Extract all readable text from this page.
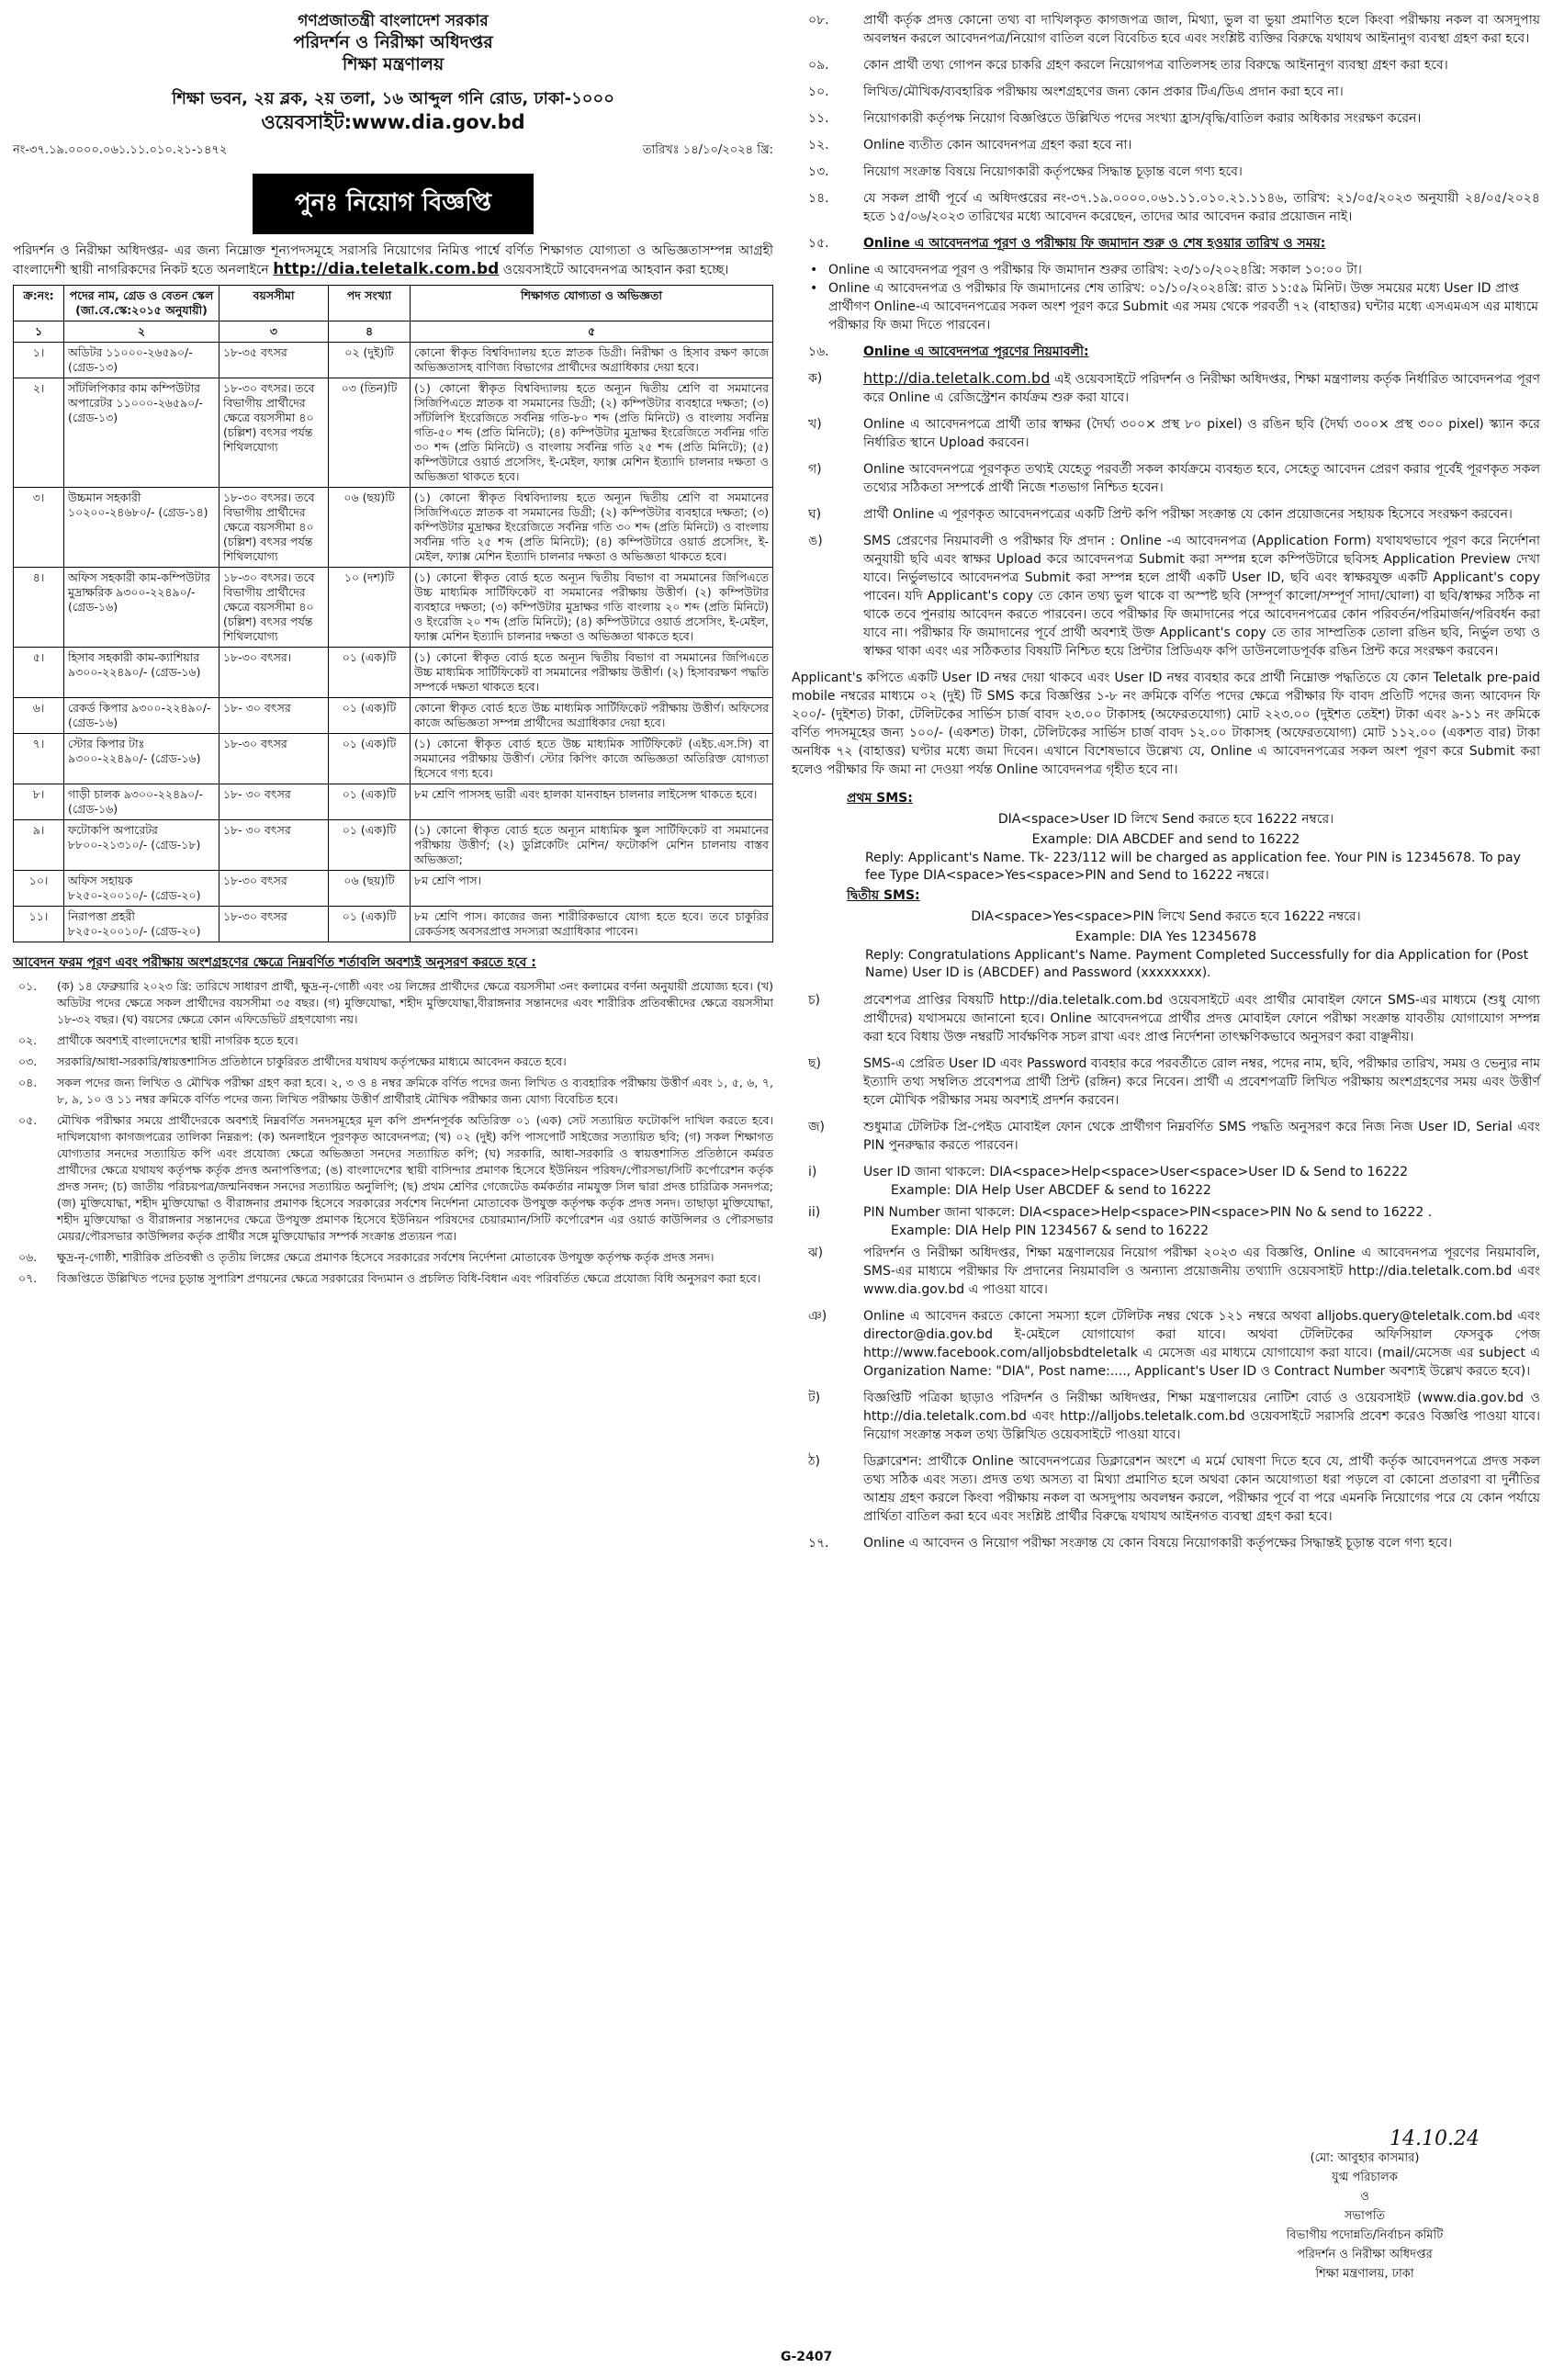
গণপ্রজাতন্ত্রী বাংলাদেশ সরকার
পরিদর্শন ও নিরীক্ষা অধিদপ্তর
শিক্ষা মন্ত্রণালয়
শিক্ষা ভবন, ২য় ব্লক, ২য় তলা, ১৬ আব্দুল গনি রোড, ঢাকা-১০০০
ওয়েবসাইট:www.dia.gov.bd
নং-৩৭.১৯.০০০০.০৬১.১১.০১০.২১-১৪৭২	তারিখঃ ১৪/১০/২০২৪ খ্রি:
পুনঃ নিয়োগ বিজ্ঞপ্তি
পরিদর্শন ও নিরীক্ষা অধিদপ্তর- এর জন্য নিম্নোক্ত শূন্যপদসমূহে সরাসরি নিয়োগের নিমিত্ত পার্শ্বে বর্ণিত শিক্ষাগত যোগ্যতা ও অভিজ্ঞতাসম্পন্ন আগ্রহী বাংলাদেশী স্থায়ী নাগরিকদের নিকট হতে অনলাইনে http://dia.teletalk.com.bd ওয়েবসাইটে আবেদনপত্র আহবান করা হচ্ছে।
ক্র:নং:	পদের নাম, গ্রেড ও বেতন স্কেল (জা.বে.স্কে:২০১৫ অনুযায়ী)	বয়সসীমা	পদ সংখ্যা	শিক্ষাগত যোগ্যতা ও অভিজ্ঞতা
১	২	৩	৪	৫
১।	অডিটর ১১০০০-২৬৫৯০/- (গ্রেড-১৩)	১৮-৩৫ বৎসর	০২ (দুই)টি	কোনো স্বীকৃত বিশ্ববিদ্যালয় হতে স্নাতক ডিগ্রী। নিরীক্ষা ও হিসাব রক্ষণ কাজে অভিজ্ঞতাসহ বাণিজ্য বিভাগের প্রার্থীদের অগ্রাধিকার দেয়া হবে।
২।	সাঁটলিপিকার কাম কম্পিউটার অপারেটর ১১০০০-২৬৫৯০/- (গ্রেড-১৩)	১৮-৩০ বৎসর। তবে বিভাগীয় প্রার্থীদের ক্ষেত্রে বয়সসীমা ৪০ (চল্লিশ) বৎসর পর্যন্ত শিথিলযোগ্য	০৩ (তিন)টি	(১) কোনো স্বীকৃত বিশ্ববিদ্যালয় হতে অন্যূন দ্বিতীয় শ্রেণি বা সমমানের সিজিপিএতে স্নাতক বা সমমানের ডিগ্রী; (২) কম্পিউটার ব্যবহারে দক্ষতা; (৩) সাঁটলিপি ইংরেজিতে সর্বনিম্ন গতি-৮০ শব্দ (প্রতি মিনিটে) ও বাংলায় সর্বনিম্ন গতি-৫০ শব্দ (প্রতি মিনিটে); (৪) কম্পিউটার মুদ্রাক্ষর ইংরেজিতে সর্বনিম্ন গতি ৩০ শব্দ (প্রতি মিনিটে) ও বাংলায় সর্বনিম্ন গতি ২৫ শব্দ (প্রতি মিনিটে); (৫) কম্পিউটারে ওয়ার্ড প্রসেসিং, ই-মেইল, ফ্যাক্স মেশিন ইত্যাদি চালনার দক্ষতা ও অভিজ্ঞতা থাকতে হবে।
৩।	উচ্চমান সহকারী ১০২০০-২৪৬৮০/- (গ্রেড-১৪)	১৮-৩০ বৎসর। তবে বিভাগীয় প্রার্থীদের ক্ষেত্রে বয়সসীমা ৪০ (চল্লিশ) বৎসর পর্যন্ত শিথিলযোগ্য	০৬ (ছয়)টি	(১) কোনো স্বীকৃত বিশ্ববিদ্যালয় হতে অন্যূন দ্বিতীয় শ্রেণি বা সমমানের সিজিপিএতে স্নাতক বা সমমানের ডিগ্রী; (২) কম্পিউটার ব্যবহারে দক্ষতা; (৩) কম্পিউটার মুদ্রাক্ষর ইংরেজিতে সর্বনিম্ন গতি ৩০ শব্দ (প্রতি মিনিটে) ও বাংলায় সর্বনিম্ন গতি ২৫ শব্দ (প্রতি মিনিটে); (৪) কম্পিউটারে ওয়ার্ড প্রসেসিং, ই-মেইল, ফ্যাক্স মেশিন ইত্যাদি চালনার দক্ষতা ও অভিজ্ঞতা থাকতে হবে।
৪।	অফিস সহকারী কাম-কম্পিউটার মুদ্রাক্ষরিক ৯৩০০-২২৪৯০/- (গ্রেড-১৬)	১৮-৩০ বৎসর। তবে বিভাগীয় প্রার্থীদের ক্ষেত্রে বয়সসীমা ৪০ (চল্লিশ) বৎসর পর্যন্ত শিথিলযোগ্য	১০ (দশ)টি	(১) কোনো স্বীকৃত বোর্ড হতে অন্যূন দ্বিতীয় বিভাগ বা সমমানের জিপিএতে উচ্চ মাধ্যমিক সার্টিফিকেট বা সমমানের পরীক্ষায় উত্তীর্ণ। (২) কম্পিউটার ব্যবহারে দক্ষতা; (৩) কম্পিউটার মুদ্রাক্ষর গতি বাংলায় ২০ শব্দ (প্রতি মিনিটে) ও ইংরেজি ২০ শব্দ (প্রতি মিনিটে); (৪) কম্পিউটারে ওয়ার্ড প্রসেসিং, ই-মেইল, ফ্যাক্স মেশিন ইত্যাদি চালনার দক্ষতা ও অভিজ্ঞতা থাকতে হবে।
৫।	হিসাব সহকারী কাম-ক্যাশিয়ার ৯৩০০-২২৪৯০/- (গ্রেড-১৬)	১৮-৩০ বৎসর।	০১ (এক)টি	(১) কোনো স্বীকৃত বোর্ড হতে অন্যূন দ্বিতীয় বিভাগ বা সমমানের জিপিএতে উচ্চ মাধ্যমিক সার্টিফিকেট বা সমমানের পরীক্ষায় উত্তীর্ণ। (২) হিসাবরক্ষণ পদ্ধতি সম্পর্কে দক্ষতা থাকতে হবে।
৬।	রেকর্ড কিপার ৯৩০০-২২৪৯০/- (গ্রেড-১৬)	১৮- ৩০ বৎসর	০১ (এক)টি	কোনো স্বীকৃত বোর্ড হতে উচ্চ মাধ্যমিক সার্টিফিকেট পরীক্ষায় উত্তীর্ণ। অফিসের কাজে অভিজ্ঞতা সম্পন্ন প্রার্থীদের অগ্রাধিকার দেয়া হবে।
৭।	স্টোর কিপার টাঃ ৯৩০০-২২৪৯০/- (গ্রেড-১৬)	১৮-৩০ বৎসর	০১ (এক)টি	(১) কোনো স্বীকৃত বোর্ড হতে উচ্চ মাধ্যমিক সার্টিফিকেট (এইচ.এস.সি) বা সমমানের পরীক্ষায় উত্তীর্ণ। স্টোর কিপিং কাজে অভিজ্ঞতা অতিরিক্ত যোগ্যতা হিসেবে গণ্য হবে।
৮।	গাড়ী চালক ৯৩০০-২২৪৯০/- (গ্রেড-১৬)	১৮- ৩০ বৎসর	০১ (এক)টি	৮ম শ্রেণি পাসসহ ভারী এবং হালকা যানবাহন চালনার লাইসেন্স থাকতে হবে।
৯।	ফটোকপি অপারেটর ৮৮০০-২১৩১০/- (গ্রেড-১৮)	১৮- ৩০ বৎসর	০১ (এক)টি	(১) কোনো স্বীকৃত বোর্ড হতে অন্যূন মাধ্যমিক স্কুল সার্টিফিকেট বা সমমানের পরীক্ষায় উত্তীর্ণ; (২) ডুপ্লিকেটিং মেশিন/ ফটোকপি মেশিন চালনায় বাস্তব অভিজ্ঞতা;
১০।	অফিস সহায়ক ৮২৫০-২০০১০/- (গ্রেড-২০)	১৮-৩০ বৎসর	০৬ (ছয়)টি	৮ম শ্রেণি পাস।
১১।	নিরাপত্তা প্রহরী ৮২৫০-২০০১০/- (গ্রেড-২০)	১৮-৩০ বৎসর	০১ (এক)টি	৮ম শ্রেণি পাস। কাজের জন্য শারীরিকভাবে যোগ্য হতে হবে। তবে চাকুরির রেকর্ডসহ অবসরপ্রাপ্ত সদস্যরা অগ্রাধিকার পাবেন।
আবেদন ফরম পূরণ এবং পরীক্ষায় অংশগ্রহণের ক্ষেত্রে নিম্নবর্ণিত শর্তাবলি অবশ্যই অনুসরণ করতে হবে :
০১.	(ক) ১৪ ফেব্রুয়ারি ২০২৩ খ্রি: তারিখে সাধারণ প্রার্থী, ক্ষুদ্র-নৃ-গোষ্ঠী এবং ৩য় লিঙ্গের প্রার্থীদের ক্ষেত্রে বয়সসীমা ৩নং কলামের বর্ণনা অনুযায়ী প্রযোজ্য হবে। (খ) অডিটর পদের ক্ষেত্রে সকল প্রার্থীদের বয়সসীমা ৩৫ বছর। (গ) মুক্তিযোদ্ধা, শহীদ মুক্তিযোদ্ধা,বীরাঙ্গনার সন্তানদের এবং শারীরিক প্রতিবন্ধীদের ক্ষেত্রে বয়সসীমা ১৮-৩২ বছর। (ঘ) বয়সের ক্ষেত্রে কোন এফিডেভিট গ্রহণযোগ্য নয়।
০২.	প্রার্থীকে অবশ্যই বাংলাদেশের স্থায়ী নাগরিক হতে হবে।
০৩.	সরকারি/আধা-সরকারি/স্বায়ত্তশাসিত প্রতিষ্ঠানে চাকুরিরত প্রার্থীদের যথাযথ কর্তৃপক্ষের মাধ্যমে আবেদন করতে হবে।
০৪.	সকল পদের জন্য লিখিত ও মৌখিক পরীক্ষা গ্রহণ করা হবে। ২, ৩ ও ৪ নম্বর ক্রমিকে বর্ণিত পদের জন্য লিখিত ও ব্যবহারিক পরীক্ষায় উত্তীর্ণ এবং ১, ৫, ৬, ৭, ৮, ৯, ১০ ও ১১ নম্বর ক্রমিকে বর্ণিত পদের জন্য লিখিত পরীক্ষায় উত্তীর্ণ প্রার্থীরাই মৌখিক পরীক্ষার জন্য যোগ্য বিবেচিত হবে।
০৫.	মৌখিক পরীক্ষার সময়ে প্রার্থীদেরকে অবশ্যই নিম্নবর্ণিত সনদসমূহের মূল কপি প্রদর্শনপূর্বক অতিরিক্ত ০১ (এক) সেট সত্যায়িত ফটোকপি দাখিল করতে হবে। দাখিলযোগ্য কাগজপত্রের তালিকা নিম্নরূপ: (ক) অনলাইনে পূরণকৃত আবেদনপত্র; (খ) ০২ (দুই) কপি পাসপোর্ট সাইজের সত্যায়িত ছবি; (গ) সকল শিক্ষাগত যোগ্যতার সনদের সত্যায়িত কপি এবং প্রযোজ্য ক্ষেত্রে অভিজ্ঞতা সনদের সত্যায়িত কপি; (ঘ) সরকারি, আধা-সরকারি ও স্বায়ত্তশাসিত প্রতিষ্ঠানে কর্মরত প্রার্থীদের ক্ষেত্রে যথাযথ কর্তৃপক্ষ কর্তৃক প্রদত্ত অনাপত্তিপত্র; (ঙ) বাংলাদেশের স্থায়ী বাসিন্দার প্রমাণক হিসেবে ইউনিয়ন পরিষদ/পৌরসভা/সিটি কর্পোরেশন কর্তৃক প্রদত্ত সনদ; (চ) জাতীয় পরিচয়পত্র/জন্মনিবন্ধন সনদের সত্যায়িত অনুলিপি; (ছ) প্রথম শ্রেণির গেজেটেড কর্মকর্তার নামযুক্ত সিল দ্বারা প্রদত্ত চারিত্রিক সনদপত্র; (জ) মুক্তিযোদ্ধা, শহীদ মুক্তিযোদ্ধা ও বীরাঙ্গনার প্রমাণক হিসেবে সরকারের সর্বশেষ নির্দেশনা মোতাবেক উপযুক্ত কর্তৃপক্ষ কর্তৃক প্রদত্ত সনদ। তাছাড়া মুক্তিযোদ্ধা, শহীদ মুক্তিযোদ্ধা ও বীরাঙ্গনার সন্তানদের ক্ষেত্রে উপযুক্ত প্রমাণক হিসেবে ইউনিয়ন পরিষদের চেয়ারম্যান/সিটি কর্পোরেশন এর ওয়ার্ড কাউন্সিলর ও পৌরসভার মেয়র/পৌরসভার কাউন্সিলর কর্তৃক প্রার্থীর সঙ্গে মুক্তিযোদ্ধার সম্পর্ক সংক্রান্ত প্রত্যয়ন পত্র।
০৬.	ক্ষুদ্র-নৃ-গোষ্ঠী, শারীরিক প্রতিবন্ধী ও তৃতীয় লিঙ্গের ক্ষেত্রে প্রমাণক হিসেবে সরকারের সর্বশেষ নির্দেশনা মোতাবেক উপযুক্ত কর্তৃপক্ষ কর্তৃক প্রদত্ত সনদ।
০৭.	বিজ্ঞপ্তিতে উল্লিখিত পদের চূড়ান্ত সুপারিশ প্রণয়নের ক্ষেত্রে সরকারের বিদ্যমান ও প্রচলিত বিধি-বিধান এবং পরিবর্তিত ক্ষেত্রে প্রযোজ্য বিধি অনুসরণ করা হবে।
০৮.	প্রার্থী কর্তৃক প্রদত্ত কোনো তথ্য বা দাখিলকৃত কাগজপত্র জাল, মিথ্যা, ভুল বা ভুয়া প্রমাণিত হলে কিংবা পরীক্ষায় নকল বা অসদুপায় অবলম্বন করলে আবেদনপত্র/নিয়োগ বাতিল বলে বিবেচিত হবে এবং সংশ্লিষ্ট ব্যক্তির বিরুদ্ধে যথাযথ আইনানুগ ব্যবস্থা গ্রহণ করা হবে।
০৯.	কোন প্রার্থী তথ্য গোপন করে চাকরি গ্রহণ করলে নিয়োগপত্র বাতিলসহ তার বিরুদ্ধে আইনানুগ ব্যবস্থা গ্রহণ করা হবে।
১০.	লিখিত/মৌখিক/ব্যবহারিক পরীক্ষায় অংশগ্রহণের জন্য কোন প্রকার টিএ/ডিএ প্রদান করা হবে না।
১১.	নিয়োগকারী কর্তৃপক্ষ নিয়োগ বিজ্ঞপ্তিতে উল্লিখিত পদের সংখ্যা হ্রাস/বৃদ্ধি/বাতিল করার অধিকার সংরক্ষণ করেন।
১২.	Online ব্যতীত কোন আবেদনপত্র গ্রহণ করা হবে না।
১৩.	নিয়োগ সংক্রান্ত বিষয়ে নিয়োগকারী কর্তৃপক্ষের সিদ্ধান্ত চূড়ান্ত বলে গণ্য হবে।
১৪.	যে সকল প্রার্থী পূর্বে এ অধিদপ্তরের নং-৩৭.১৯.০০০০.০৬১.১১.০১০.২১.১১৪৬, তারিখ: ২১/০৫/২০২৩ অনুযায়ী ২৪/০৫/২০২৪ হতে ১৫/০৬/২০২৩ তারিখের মধ্যে আবেদন করেছেন, তাদের আর আবেদন করার প্রয়োজন নাই।
১৫.	Online এ আবেদনপত্র পূরণ ও পরীক্ষায় ফি জমাদান শুরু ও শেষ হওয়ার তারিখ ও সময়:
• Online এ আবেদনপত্র পূরণ ও পরীক্ষার ফি জমাদান শুরুর তারিখ: ২৩/১০/২০২৪খ্রি: সকাল ১০:০০ টা।
• Online এ আবেদনপত্র ও পরীক্ষার ফি জমাদানের শেষ তারিখ: ০১/১০/২০২৪খ্রি: রাত ১১:৫৯ মিনিট। উক্ত সময়ের মধ্যে User ID প্রাপ্ত প্রার্থীগণ Online-এ আবেদনপত্রের সকল অংশ পূরণ করে Submit এর সময় থেকে পরবর্তী ৭২ (বাহাত্তর) ঘন্টার মধ্যে এসএমএস এর মাধ্যমে পরীক্ষার ফি জমা দিতে পারবেন।
১৬.	Online এ আবেদনপত্র পূরণের নিয়মাবলী:
ক)	http://dia.teletalk.com.bd এই ওয়েবসাইটে পরিদর্শন ও নিরীক্ষা অধিদপ্তর, শিক্ষা মন্ত্রণালয় কর্তৃক নির্ধারিত আবেদনপত্র পূরণ করে Online এ রেজিস্ট্রেশন কার্যক্রম শুরু করা যাবে।
খ)	Online এ আবেদনপত্রে প্রার্থী তার স্বাক্ষর (দৈর্ঘ্য ৩০০× প্রস্থ ৮০ pixel) ও রঙিন ছবি (দৈর্ঘ্য ৩০০× প্রস্থ ৩০০ pixel) স্ক্যান করে নির্ধারিত স্থানে Upload করবেন।
গ)	Online আবেদনপত্রে পূরণকৃত তথ্যই যেহেতু পরবর্তী সকল কার্যক্রমে ব্যবহৃত হবে, সেহেতু আবেদন প্রেরণ করার পূর্বেই পূরণকৃত সকল তথ্যের সঠিকতা সম্পর্কে প্রার্থী নিজে শতভাগ নিশ্চিত হবেন।
ঘ)	প্রার্থী Online এ পূরণকৃত আবেদনপত্রের একটি প্রিন্ট কপি পরীক্ষা সংক্রান্ত যে কোন প্রয়োজনের সহায়ক হিসেবে সংরক্ষণ করবেন।
ঙ)	SMS প্রেরণের নিয়মাবলী ও পরীক্ষার ফি প্রদান : Online -এ আবেদনপত্র (Application Form) যথাযথভাবে পূরণ করে নির্দেশনা অনুযায়ী ছবি এবং স্বাক্ষর Upload করে আবেদনপত্র Submit করা সম্পন্ন হলে কম্পিউটারে ছবিসহ Application Preview দেখা যাবে। নির্ভুলভাবে আবেদনপত্র Submit করা সম্পন্ন হলে প্রার্থী একটি User ID, ছবি এবং স্বাক্ষরযুক্ত একটি Applicant's copy পাবেন। যদি Applicant's copy তে কোন তথ্য ভুল থাকে বা অস্পষ্ট ছবি (সম্পূর্ণ কালো/সম্পূর্ণ সাদা/ঘোলা) বা ছবি/স্বাক্ষর সঠিক না থাকে তবে পুনরায় আবেদন করতে পারবেন। তবে পরীক্ষার ফি জমাদানের পরে আবেদনপত্রের কোন পরিবর্তন/পরিমার্জন/পরিবর্ধন করা যাবে না। পরীক্ষার ফি জমাদানের পূর্বে প্রার্থী অবশ্যই উক্ত Applicant's copy তে তার সাম্প্রতিক তোলা রঙিন ছবি, নির্ভুল তথ্য ও স্বাক্ষর থাকা এবং এর সঠিকতার বিষয়টি নিশ্চিত হয়ে প্রিন্টার প্রিডিএফ কপি ডাউনলোডপূর্বক রঙিন প্রিন্ট করে সংরক্ষণ করবেন।
Applicant's কপিতে একটি User ID নম্বর দেয়া থাকবে এবং User ID নম্বর ব্যবহার করে প্রার্থী নিম্নোক্ত পদ্ধতিতে যে কোন Teletalk pre-paid mobile নম্বরের মাধ্যমে ০২ (দুই) টি SMS করে বিজ্ঞপ্তির ১-৮ নং ক্রমিকে বর্ণিত পদের ক্ষেত্রে পরীক্ষার ফি বাবদ প্রতিটি পদের জন্য আবেদন ফি ২০০/- (দুইশত) টাকা, টেলিটকের সার্ভিস চার্জ বাবদ ২৩.০০ টাকাসহ (অফেরতযোগ্য) মোট ২২৩.০০ (দুইশত তেইশ) টাকা এবং ৯-১১ নং ক্রমিকে বর্ণিত পদসমূহের জন্য ১০০/- (একশত) টাকা, টেলিটকের সার্ভিস চার্জ বাবদ ১২.০০ টাকাসহ (অফেরতযোগ্য) মোট ১১২.০০ (একশত বার) টাকা অনধিক ৭২ (বাহাত্তর) ঘণ্টার মধ্যে জমা দিবেন। এখানে বিশেষভাবে উল্লেখ্য যে, Online এ আবেদনপত্রের সকল অংশ পূরণ করে Submit করা হলেও পরীক্ষার ফি জমা না দেওয়া পর্যন্ত Online আবেদনপত্র গৃহীত হবে না।
প্রথম SMS:
DIA<space>User ID লিখে Send করতে হবে 16222 নম্বরে।
Example: DIA ABCDEF and send to 16222
Reply: Applicant's Name. Tk- 223/112 will be charged as application fee. Your PIN is 12345678. To pay fee Type DIA<space>Yes<space>PIN and Send to 16222 নম্বরে।
দ্বিতীয় SMS:
DIA<space>Yes<space>PIN লিখে Send করতে হবে 16222 নম্বরে।
Example: DIA Yes 12345678
Reply: Congratulations Applicant's Name. Payment Completed Successfully for dia Application for (Post Name) User ID is (ABCDEF) and Password (xxxxxxxx).
চ)	প্রবেশপত্র প্রাপ্তির বিষয়টি http://dia.teletalk.com.bd ওয়েবসাইটে এবং প্রার্থীর মোবাইল ফোনে SMS-এর মাধ্যমে (শুধু যোগ্য প্রার্থীদের) যথাসময়ে জানানো হবে। Online আবেদনপত্রে প্রার্থীর প্রদত্ত মোবাইল ফোনে পরীক্ষা সংক্রান্ত যাবতীয় যোগাযোগ সম্পন্ন করা হবে বিধায় উক্ত নম্বরটি সার্বক্ষণিক সচল রাখা এবং প্রাপ্ত নির্দেশনা তাৎক্ষণিকভাবে অনুসরণ করা বাঞ্ছনীয়।
ছ)	SMS-এ প্রেরিত User ID এবং Password ব্যবহার করে পরবর্তীতে রোল নম্বর, পদের নাম, ছবি, পরীক্ষার তারিখ, সময় ও ভেন্যুর নাম ইত্যাদি তথ্য সম্বলিত প্রবেশপত্র প্রার্থী প্রিন্ট (রঙ্গিন) করে নিবেন। প্রার্থী এ প্রবেশপত্রটি লিখিত পরীক্ষায় অংশগ্রহণের সময় এবং উত্তীর্ণ হলে মৌখিক পরীক্ষার সময় অবশ্যই প্রদর্শন করবেন।
জ)	শুধুমাত্র টেলিটক প্রি-পেইড মোবাইল ফোন থেকে প্রার্থীগণ নিম্নবর্ণিত SMS পদ্ধতি অনুসরণ করে নিজ নিজ User ID, Serial এবং PIN পুনরুদ্ধার করতে পারবেন।
i)	User ID জানা থাকলে: DIA<space>Help<space>User<space>User ID & Send to 16222
Example: DIA Help User ABCDEF & send to 16222
ii)	PIN Number জানা থাকলে: DIA<space>Help<space>PIN<space>PIN No & send to 16222 .
Example: DIA Help PIN 1234567 & send to 16222
ঝ)	পরিদর্শন ও নিরীক্ষা অধিদপ্তর, শিক্ষা মন্ত্রণালয়ের নিয়োগ পরীক্ষা ২০২৩ এর বিজ্ঞপ্তি, Online এ আবেদনপত্র পূরণের নিয়মাবলি, SMS-এর মাধ্যমে পরীক্ষার ফি প্রদানের নিয়মাবলি ও অন্যান্য প্রয়োজনীয় তথ্যাদি ওয়েবসাইট http://dia.teletalk.com.bd এবং www.dia.gov.bd এ পাওয়া যাবে।
ঞ)	Online এ আবেদন করতে কোনো সমস্যা হলে টেলিটক নম্বর থেকে ১২১ নম্বরে অথবা alljobs.query@teletalk.com.bd এবং director@dia.gov.bd ই-মেইলে যোগাযোগ করা যাবে। অথবা টেলিটকের অফিসিয়াল ফেসবুক পেজ http://www.facebook.com/alljobsbdteletalk এ মেসেজ এর মাধ্যমে যোগাযোগ করা যাবে। (mail/মেসেজ এর subject এ Organization Name: "DIA", Post name:...., Applicant's User ID ও Contract Number অবশ্যই উল্লেখ করতে হবে)।
ট)	বিজ্ঞপ্তিটি পত্রিকা ছাড়াও পরিদর্শন ও নিরীক্ষা অধিদপ্তর, শিক্ষা মন্ত্রণালয়ের নোটিশ বোর্ড ও ওয়েবসাইট (www.dia.gov.bd ও http://dia.teletalk.com.bd এবং http://alljobs.teletalk.com.bd ওয়েবসাইটে সরাসরি প্রবেশ করেও বিজ্ঞপ্তি পাওয়া যাবে। নিয়োগ সংক্রান্ত সকল তথ্য উল্লিখিত ওয়েবসাইটে পাওয়া যাবে।
ঠ)	ডিক্লারেশন: প্রার্থীকে Online আবেদনপত্রের ডিক্লারেশন অংশে এ মর্মে ঘোষণা দিতে হবে যে, প্রার্থী কর্তৃক আবেদনপত্রে প্রদত্ত সকল তথ্য সঠিক এবং সত্য। প্রদত্ত তথ্য অসত্য বা মিথ্যা প্রমাণিত হলে অথবা কোন অযোগ্যতা ধরা পড়লে বা কোনো প্রতারণা বা দুর্নীতির আশ্রয় গ্রহণ করলে কিংবা পরীক্ষায় নকল বা অসদুপায় অবলম্বন করলে, পরীক্ষার পূর্বে বা পরে এমনকি নিয়োগের পরে যে কোন পর্যায়ে প্রার্থিতা বাতিল করা হবে এবং সংশ্লিষ্ট প্রার্থীর বিরুদ্ধে যথাযথ আইনগত ব্যবস্থা গ্রহণ করা হবে।
১৭.	Online এ আবেদন ও নিয়োগ পরীক্ষা সংক্রান্ত যে কোন বিষয়ে নিয়োগকারী কর্তৃপক্ষের সিদ্ধান্তই চূড়ান্ত বলে গণ্য হবে।
14.10.24
(মো: আবুহার কাসমার)
যুগ্ম পরিচালক
ও
সভাপতি
বিভাগীয় পদোন্নতি/নির্বাচন কমিটি
পরিদর্শন ও নিরীক্ষা অধিদপ্তর
শিক্ষা মন্ত্রণালয়, ঢাকা
G-2407
